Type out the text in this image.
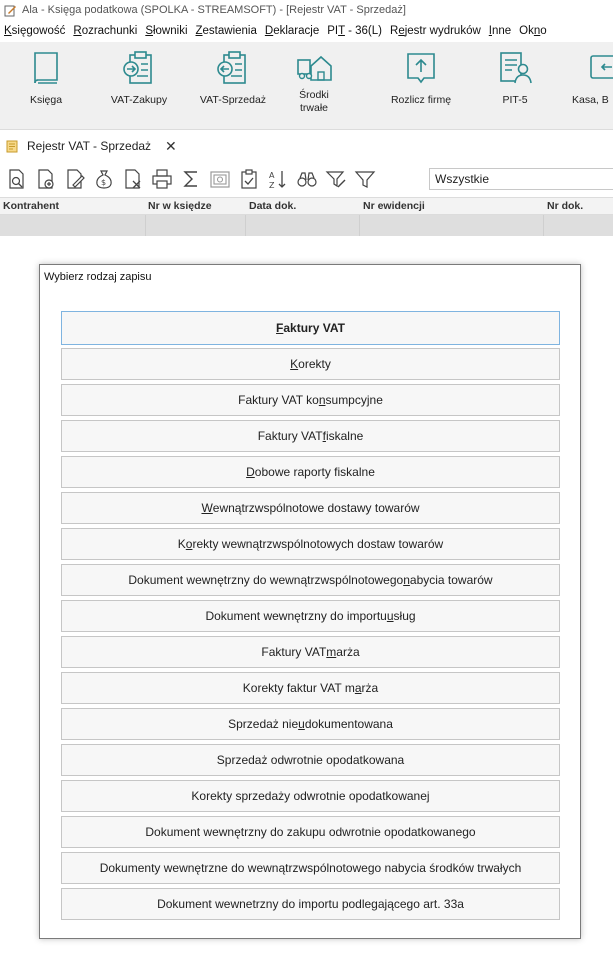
Ala - Księga podatkowa (SPOLKA - STREAMSOFT) - [Rejestr VAT - Sprzedaż]
Księgowość Rozrachunki Słowniki Zestawienia Deklaracje PIT - 36(L) Rejestr wydruków Inne Okno
Księga	VAT-Zakupy	VAT-Sprzedaż	Środki
trwałe
Rozlicz firmę	PIT-5	Kasa, B
Rejestr VAT - Sprzedaż ✕
$
A
Z	Wszystkie
Kontrahent	Nr w księdze	Data dok.	Nr ewidencji	Nr dok.
Wybierz rodzaj zapisu
F aktury VAT
K orekty
Faktury VAT ko n sumpcyjne
Faktury VAT f iskalne
D obowe raporty fiskalne
W ewnątrzwspólnotowe dostawy towarów
K o rekty wewnątrzwspólnotowych dostaw towarów
Dokument wewnętrzny do wewnątrzwspólnotowego n abycia towarów
Dokument wewnętrzny do importu u sług
Faktury VAT m arża
Korekty faktur VAT m a rża
Sprzedaż nie u dokumentowana
Sprzedaż odwrotnie opodatkowana
Korekty sprzedaży odwrotnie opodatkowanej
Dokument wewnętrzny do zakupu odwrotnie opodatkowanego
Dokumenty wewnętrzne do wewnątrzwspólnotowego nabycia środków trwałych
Dokument wewnetrzny do importu podlegającego art. 33a
